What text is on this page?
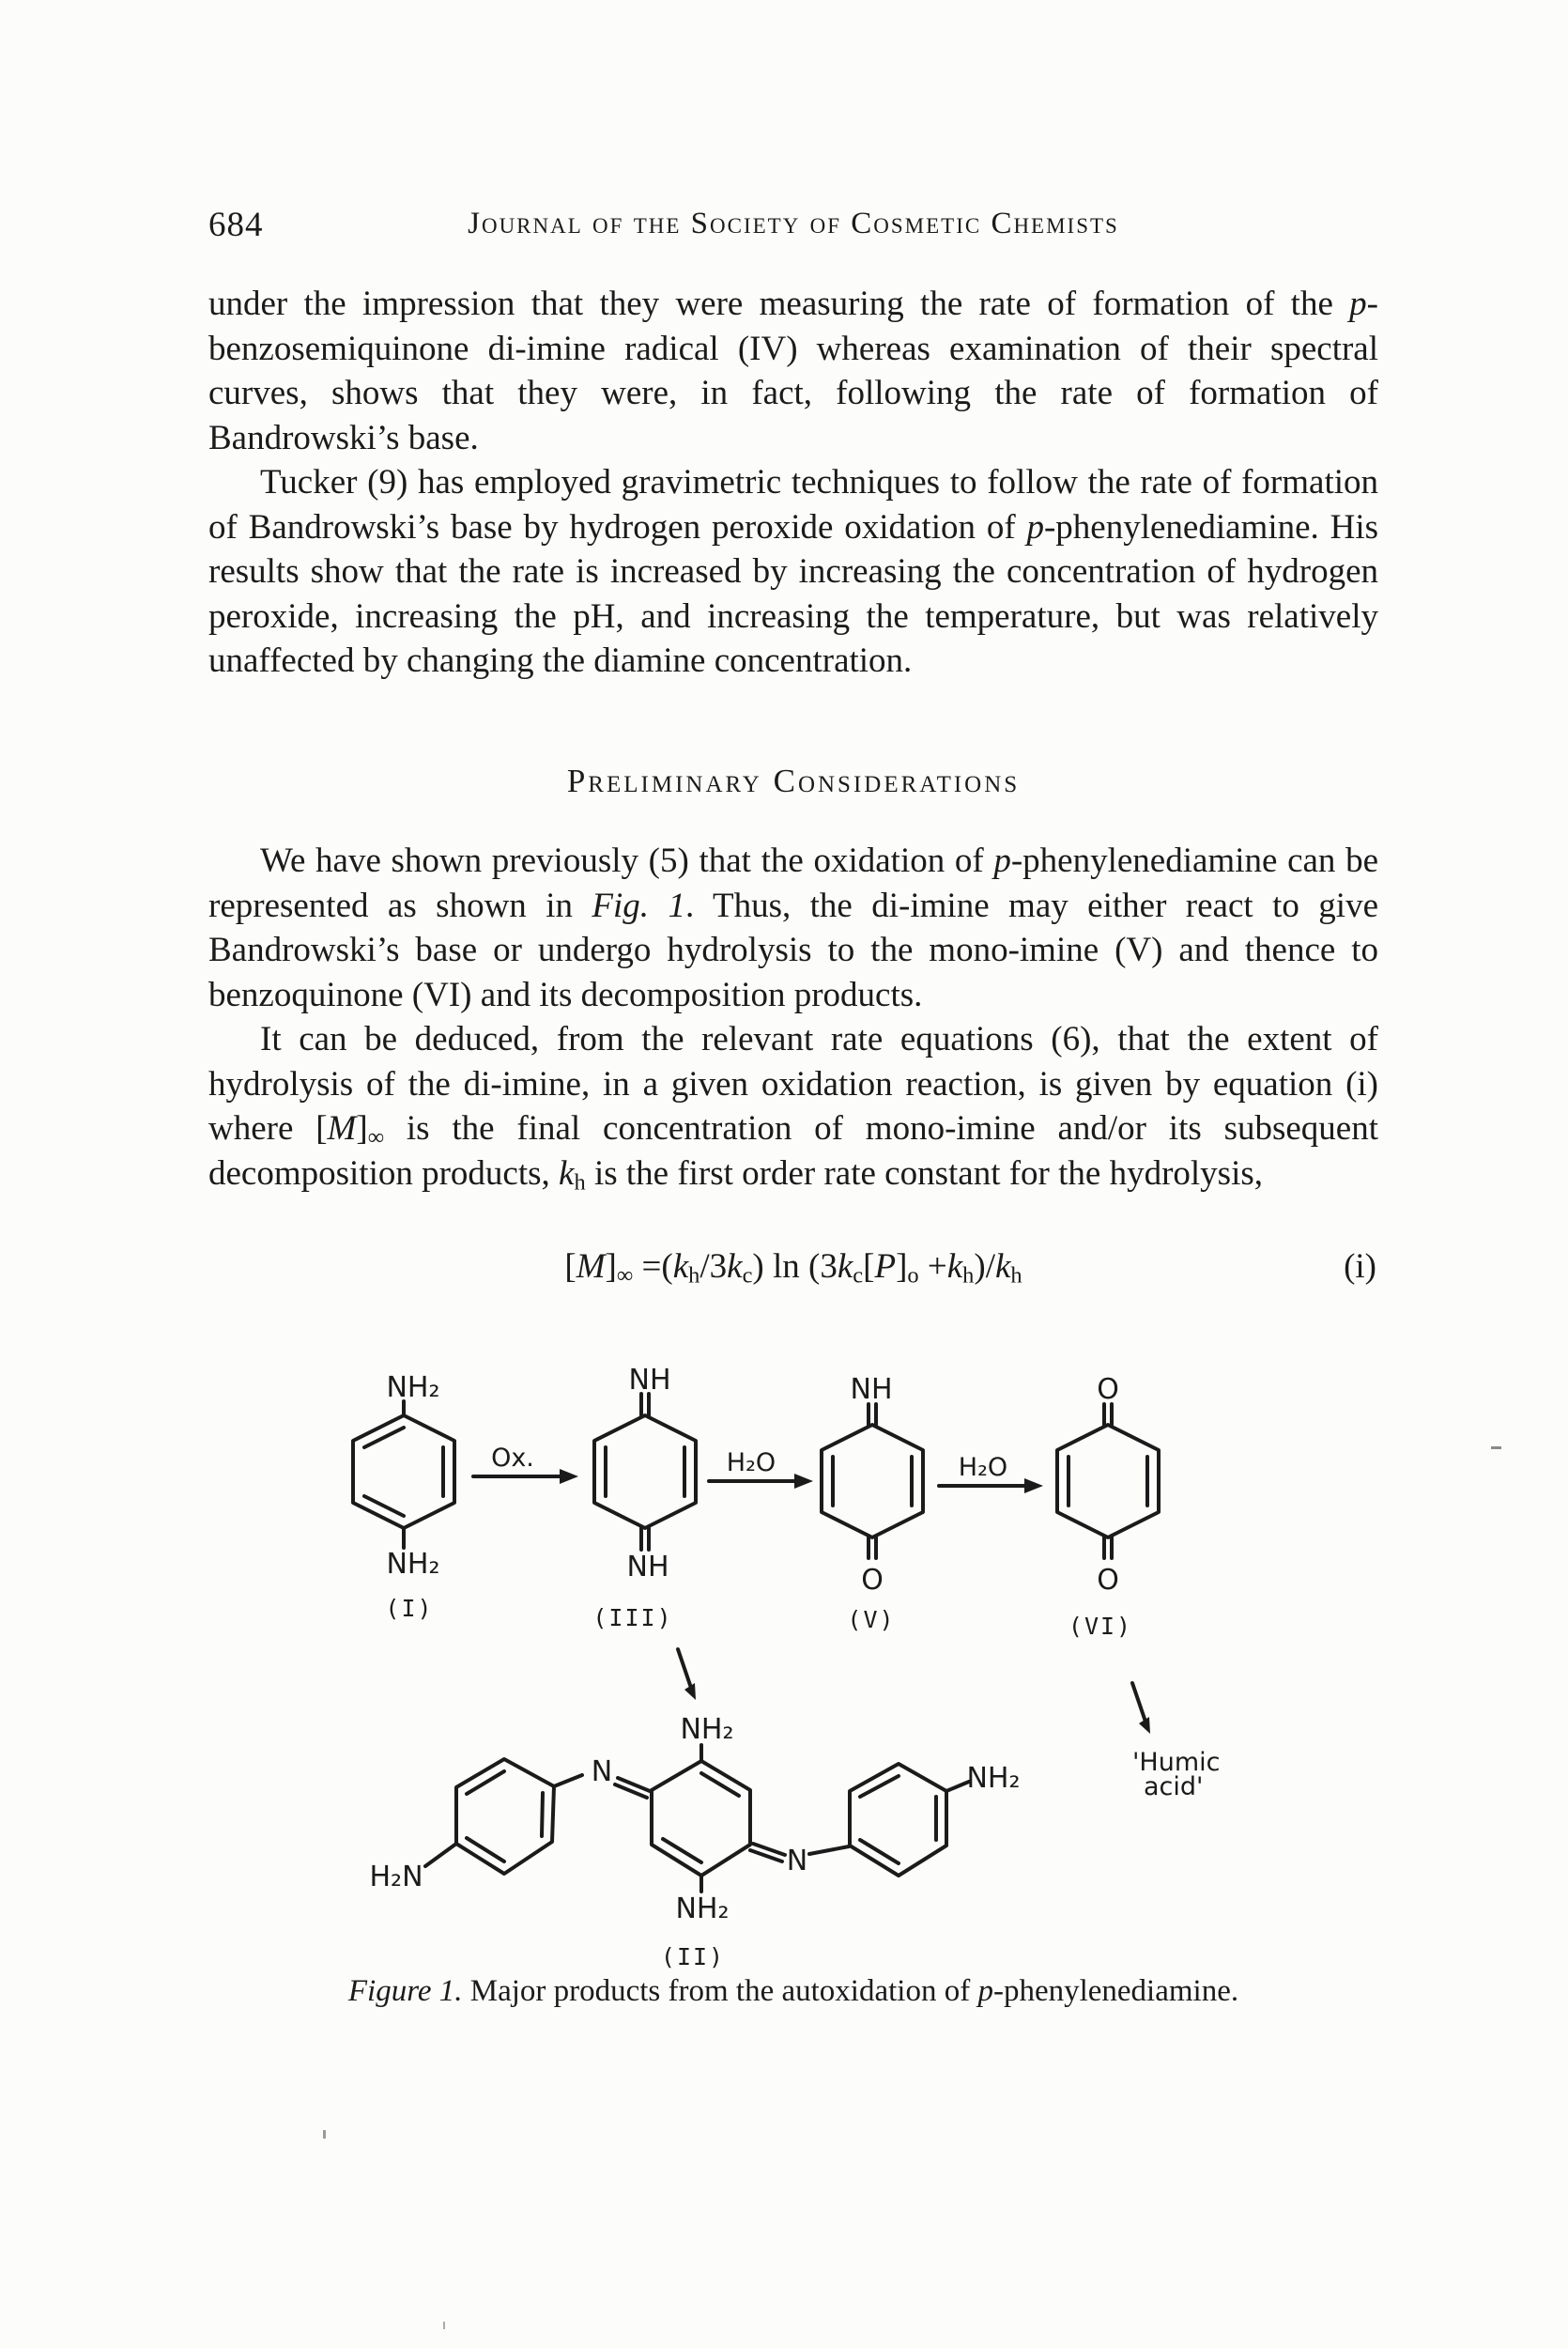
684	Journal of the Society of Cosmetic Chemists

under the impression that they were measuring the rate of formation of the p-benzosemiquinone di-imine radical (IV) whereas examination of their spectral curves, shows that they were, in fact, following the rate of formation of Bandrowski’s base.

Tucker (9) has employed gravimetric techniques to follow the rate of formation of Bandrowski’s base by hydrogen peroxide oxidation of p-phenylenediamine. His results show that the rate is increased by increasing the concentration of hydrogen peroxide, increasing the pH, and increasing the temperature, but was relatively unaffected by changing the diamine concentration.

Preliminary Considerations

We have shown previously (5) that the oxidation of p-phenylenediamine can be represented as shown in Fig. 1. Thus, the di-imine may either react to give Bandrowski’s base or undergo hydrolysis to the mono-imine (V) and thence to benzoquinone (VI) and its decomposition products.

It can be deduced, from the relevant rate equations (6), that the extent of hydrolysis of the di-imine, in a given oxidation reaction, is given by equation (i) where $[M]_\infty$ is the final concentration of mono-imine and/or its subsequent decomposition products, $k_h$ is the first order rate constant for the hydrolysis,

$[M]_\infty =(k_h/3k_c)$ $\ln (3k_c[P]_o +k_h)/k_h$	(i)
NH₂
NH₂
(I)
Ox.
NH
NH
(III)
H₂O
NH
O
(V)
H₂O
O
O
(VI)
'Humic
acid'
H₂N
N
NH₂
NH₂
N
NH₂
(II)

Figure 1. Major products from the autoxidation of p-phenylenediamine.
